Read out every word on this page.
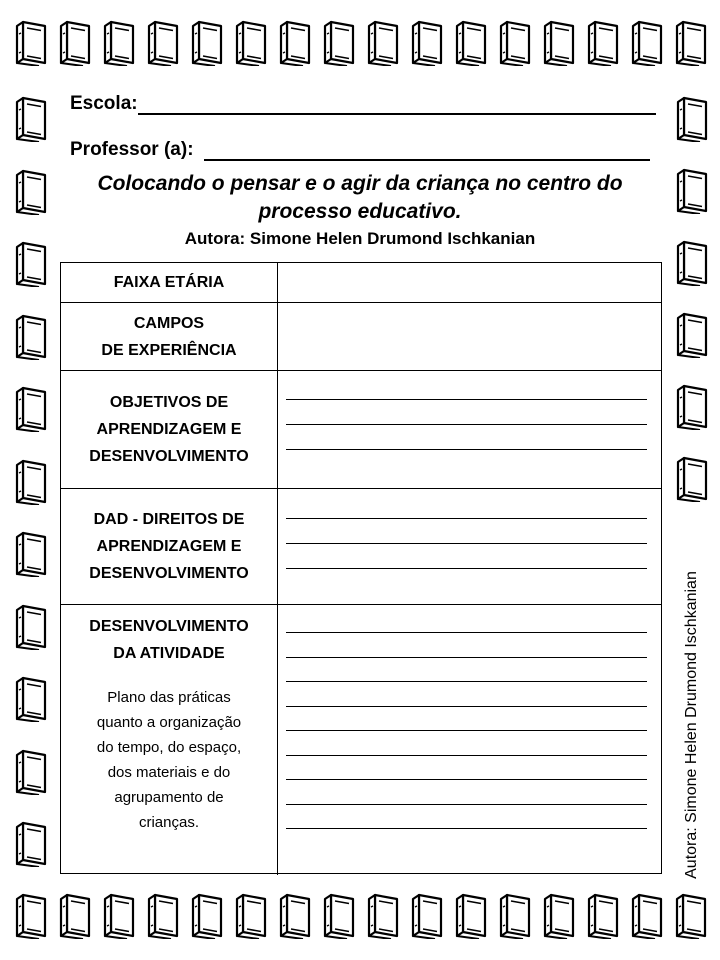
Escola:
Professor (a):
Colocando o pensar e o agir da criança no centro do processo educativo.
Autora: Simone Helen Drumond Ischkanian
FAIXA ETÁRIA
CAMPOS
DE EXPERIÊNCIA
OBJETIVOS DE
APRENDIZAGEM E
DESENVOLVIMENTO
DAD - DIREITOS DE
APRENDIZAGEM E
DESENVOLVIMENTO
DESENVOLVIMENTO
DA ATIVIDADE
Plano das práticas
quanto a organização
do tempo, do espaço,
dos materiais e do
agrupamento de
crianças.	Autora: Simone Helen Drumond Ischkanian
